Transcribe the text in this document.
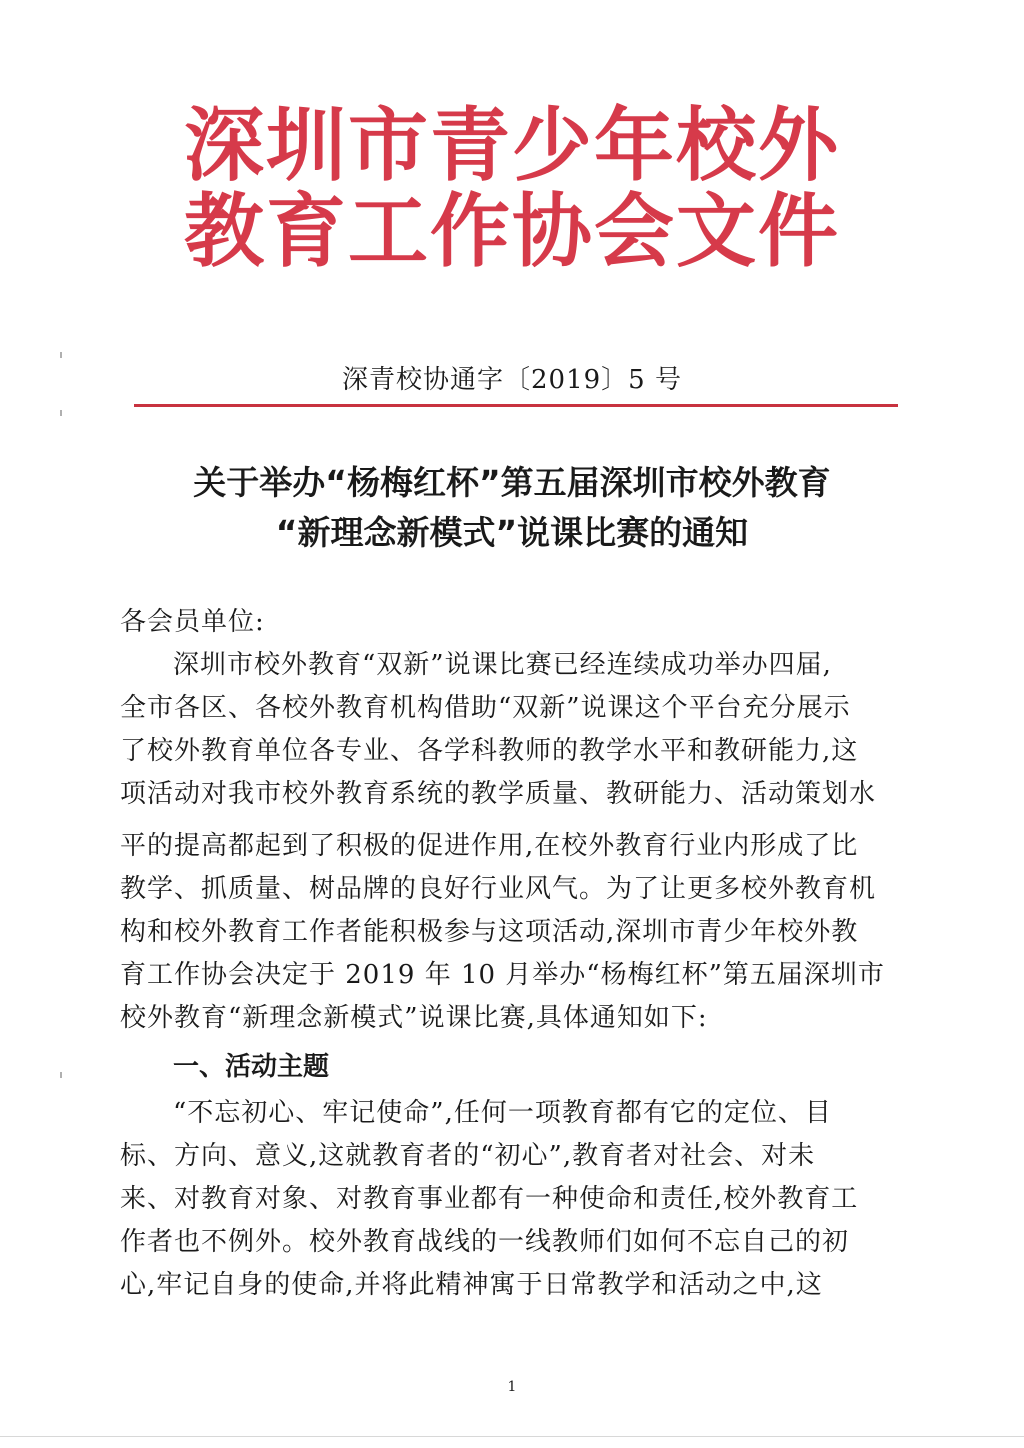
深圳市青少年校外
教育工作协会文件
深青校协通字〔2019〕5 号
关于举办“杨梅红杯”第五届深圳市校外教育
“新理念新模式”说课比赛的通知
各会员单位:
深圳市校外教育“双新”说课比赛已经连续成功举办四届,
全市各区、各校外教育机构借助“双新”说课这个平台充分展示
了校外教育单位各专业、各学科教师的教学水平和教研能力,这
项活动对我市校外教育系统的教学质量、教研能力、活动策划水
平的提高都起到了积极的促进作用,在校外教育行业内形成了比
教学、抓质量、树品牌的良好行业风气。为了让更多校外教育机
构和校外教育工作者能积极参与这项活动,深圳市青少年校外教
育工作协会决定于 2019 年 10 月举办“杨梅红杯”第五届深圳市
校外教育“新理念新模式”说课比赛,具体通知如下:
一、活动主题
“不忘初心、牢记使命”,任何一项教育都有它的定位、目
标、方向、意义,这就教育者的“初心”,教育者对社会、对未
来、对教育对象、对教育事业都有一种使命和责任,校外教育工
作者也不例外。校外教育战线的一线教师们如何不忘自己的初
心,牢记自身的使命,并将此精神寓于日常教学和活动之中,这
1
